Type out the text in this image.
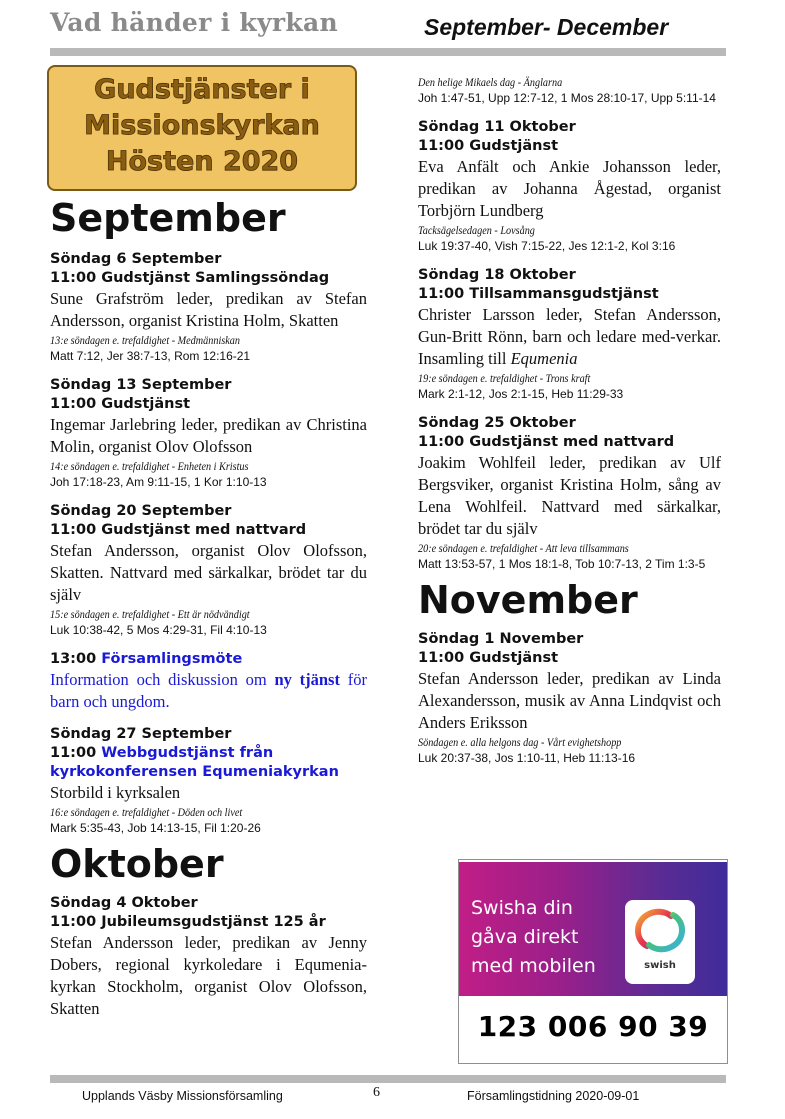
Vad händer i kyrkan	September- December
Gudstjänster i
Missionskyrkan
Hösten 2020
September
Söndag 6 September
11:00 Gudstjänst Samlingssöndag
Sune Grafström leder, predikan av Stefan Andersson, organist Kristina Holm, Skatten
13:e söndagen e. trefaldighet - Medmänniskan
Matt 7:12, Jer 38:7-13, Rom 12:16-21
Söndag 13 September
11:00 Gudstjänst
Ingemar Jarlebring leder, predikan av Christina Molin, organist Olov Olofsson
14:e söndagen e. trefaldighet - Enheten i Kristus
Joh 17:18-23, Am 9:11-15, 1 Kor 1:10-13
Söndag 20 September
11:00 Gudstjänst med nattvard
Stefan Andersson, organist Olov Olofsson, Skatten. Nattvard med särkalkar, brödet tar du själv
15:e söndagen e. trefaldighet - Ett är nödvändigt
Luk 10:38-42, 5 Mos 4:29-31, Fil 4:10-13
13:00 Församlingsmöte
Information och diskussion om ny tjänst för barn och ungdom.
Söndag 27 September
11:00 Webbgudstjänst från kyrkokonferensen Equmeniakyrkan
Storbild i kyrksalen
16:e söndagen e. trefaldighet - Döden och livet
Mark 5:35-43, Job 14:13-15, Fil 1:20-26
Oktober
Söndag 4 Oktober
11:00 Jubileumsgudstjänst 125 år
Stefan Andersson leder, predikan av Jenny Dobers, regional kyrkoledare i Equmenia-kyrkan Stockholm, organist Olov Olofsson, Skatten
Den helige Mikaels dag - Änglarna
Joh 1:47-51, Upp 12:7-12, 1 Mos 28:10-17, Upp 5:11-14
Söndag 11 Oktober
11:00 Gudstjänst
Eva Anfält och Ankie Johansson leder, predikan av Johanna Ågestad, organist Torbjörn Lundberg
Tacksägelsedagen - Lovsång
Luk 19:37-40, Vish 7:15-22, Jes 12:1-2, Kol 3:16
Söndag 18 Oktober
11:00 Tillsammansgudstjänst
Christer Larsson leder, Stefan Andersson, Gun-Britt Rönn, barn och ledare med-verkar. Insamling till Equmenia
19:e söndagen e. trefaldighet - Trons kraft
Mark 2:1-12, Jos 2:1-15, Heb 11:29-33
Söndag 25 Oktober
11:00 Gudstjänst med nattvard
Joakim Wohlfeil leder, predikan av Ulf Bergsviker, organist Kristina Holm, sång av Lena Wohlfeil. Nattvard med särkalkar, brödet tar du själv
20:e söndagen e. trefaldighet - Att leva tillsammans
Matt 13:53-57, 1 Mos 18:1-8, Tob 10:7-13, 2 Tim 1:3-5
November
Söndag 1 November
11:00 Gudstjänst
Stefan Andersson leder, predikan av Linda Alexandersson, musik av Anna Lindqvist och Anders Eriksson
Söndagen e. alla helgons dag - Vårt evighetshopp
Luk 20:37-38, Jos 1:10-11, Heb 11:13-16
Swisha din
gåva direkt
med mobilen	swish
123 006 90 39
Upplands Väsby Missionsförsamling	6	Församlingstidning 2020-09-01
